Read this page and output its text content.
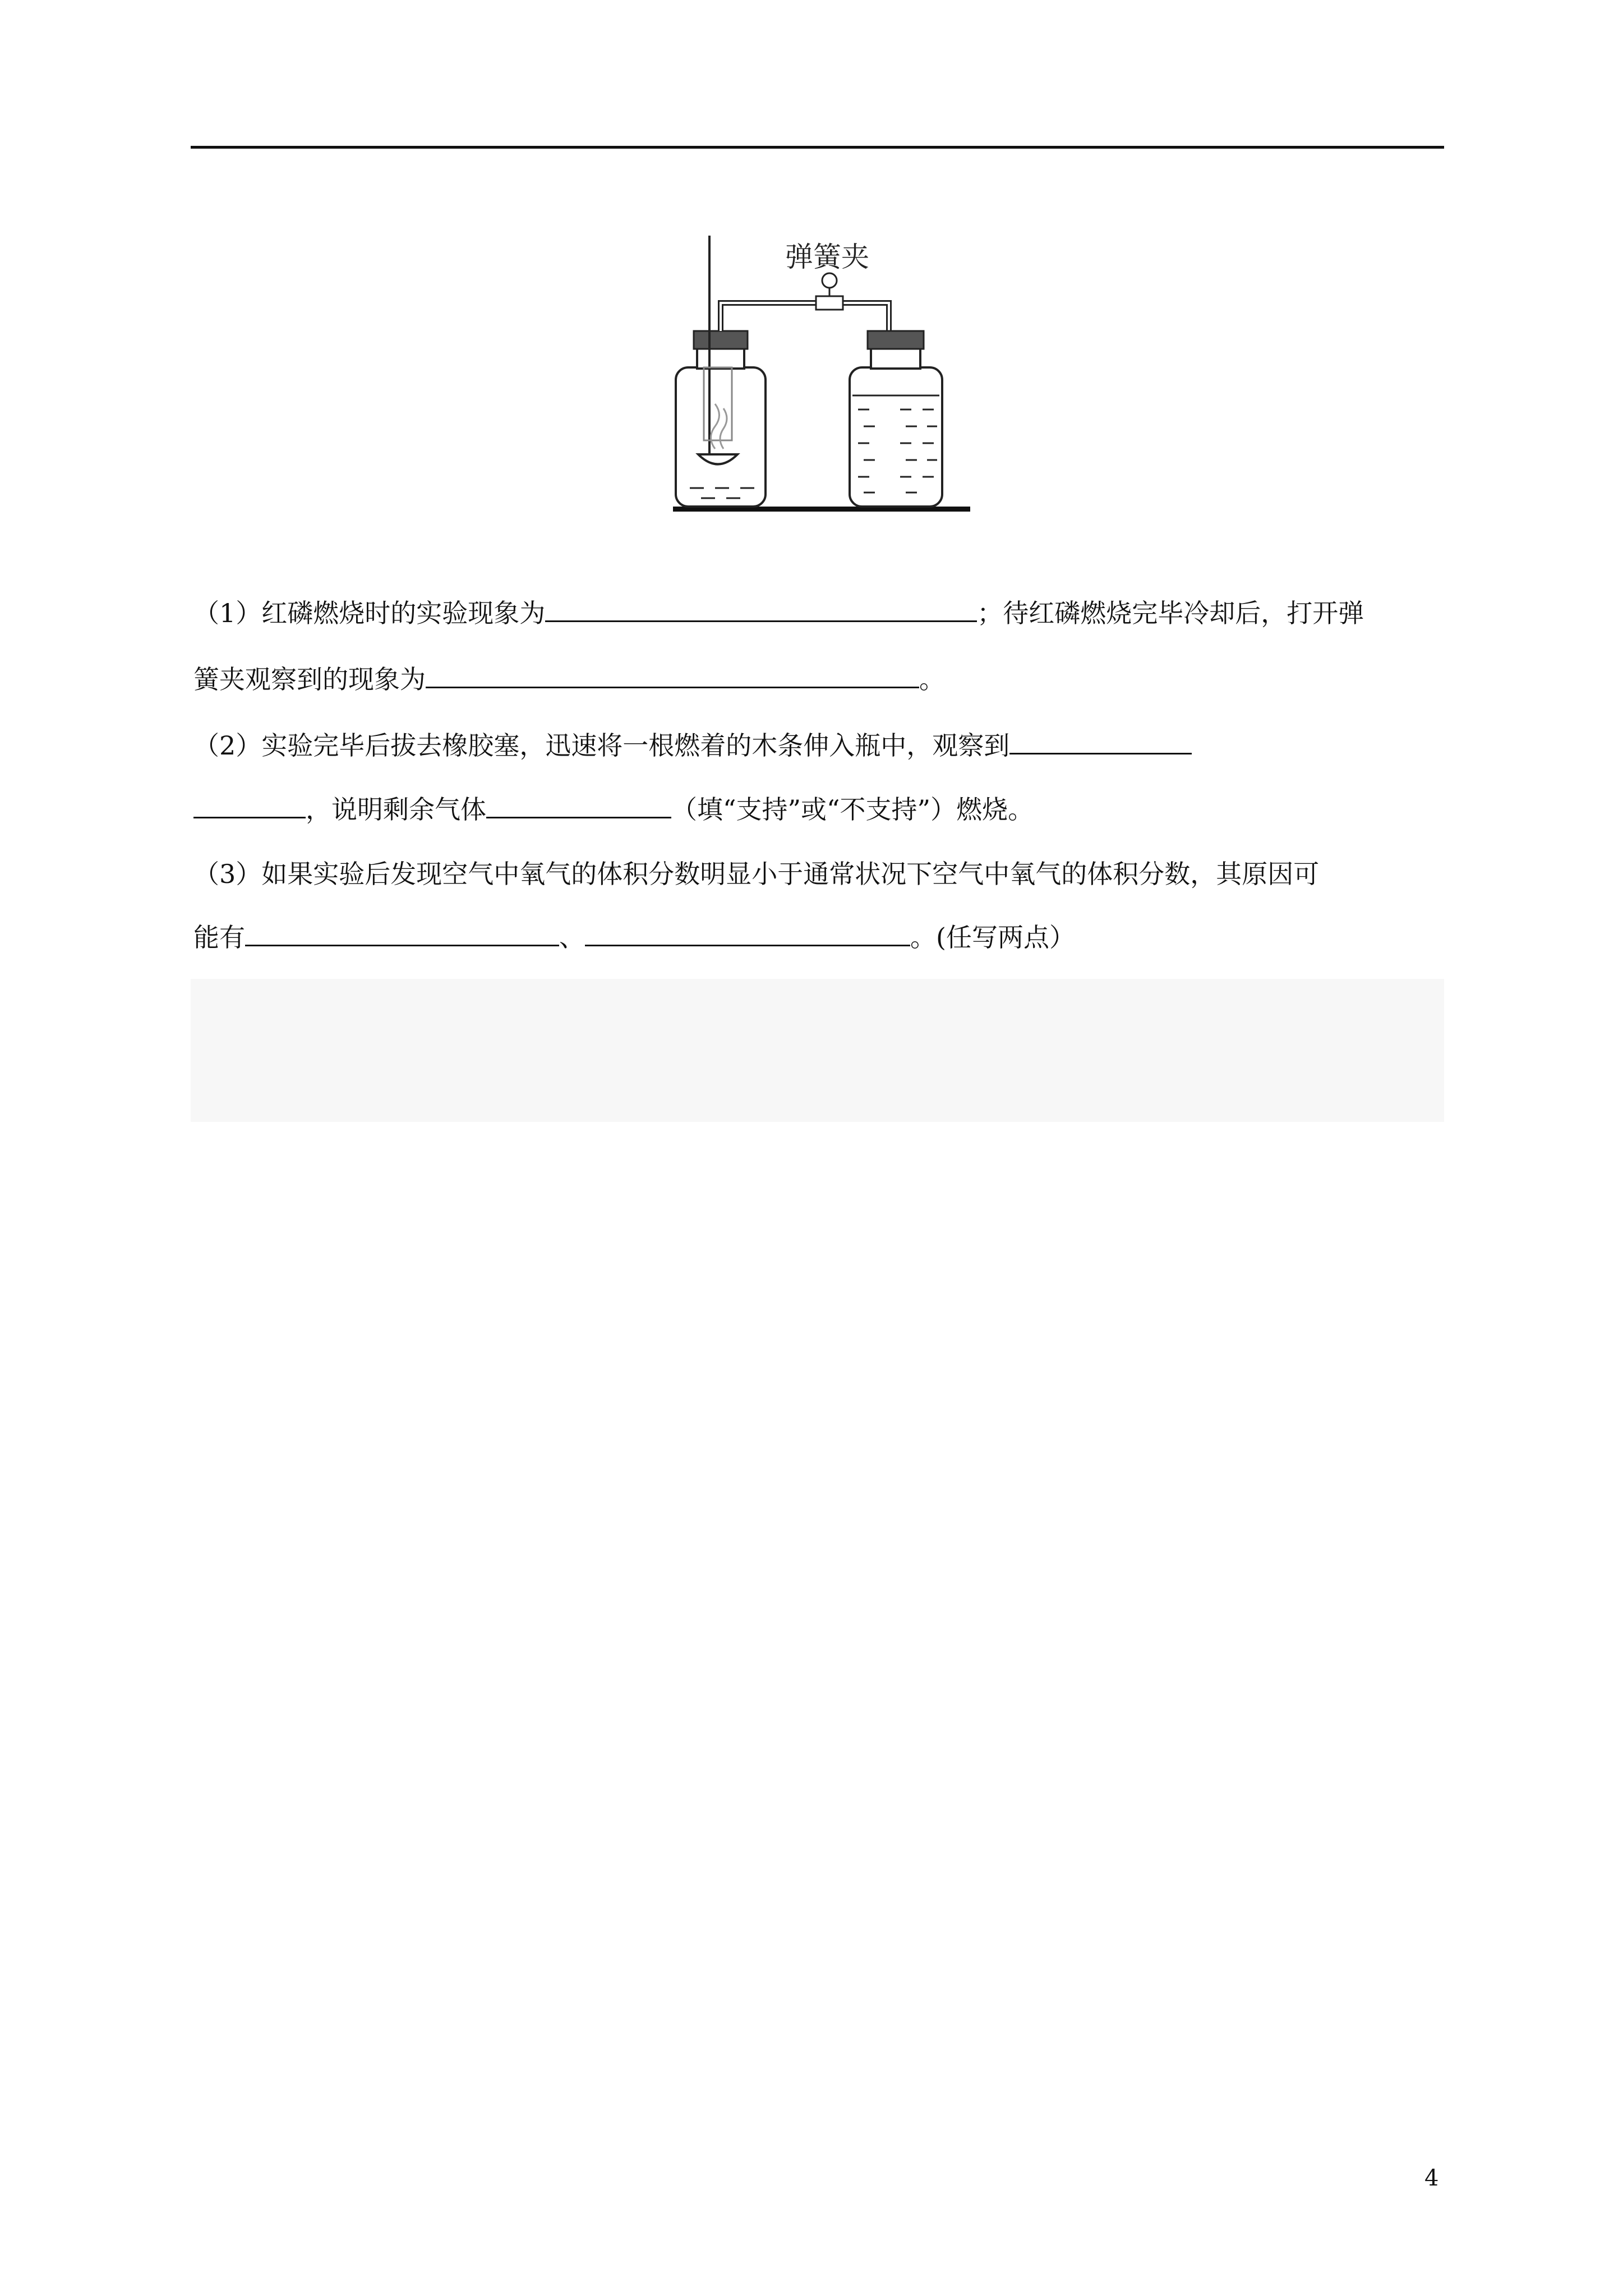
弹簧夹
（1）红磷燃烧时的实验现象为	；待红磷燃烧完毕冷却后，打开弹
簧夹观察到的现象为	。
（2）实验完毕后拔去橡胶塞，迅速将一根燃着的木条伸入瓶中，观察到
，说明剩余气体	（填“支持”或“不支持”）燃烧。
（3）如果实验后发现空气中氧气的体积分数明显小于通常状况下空气中氧气的体积分数，其原因可
能有	、	。(任写两点）
4
